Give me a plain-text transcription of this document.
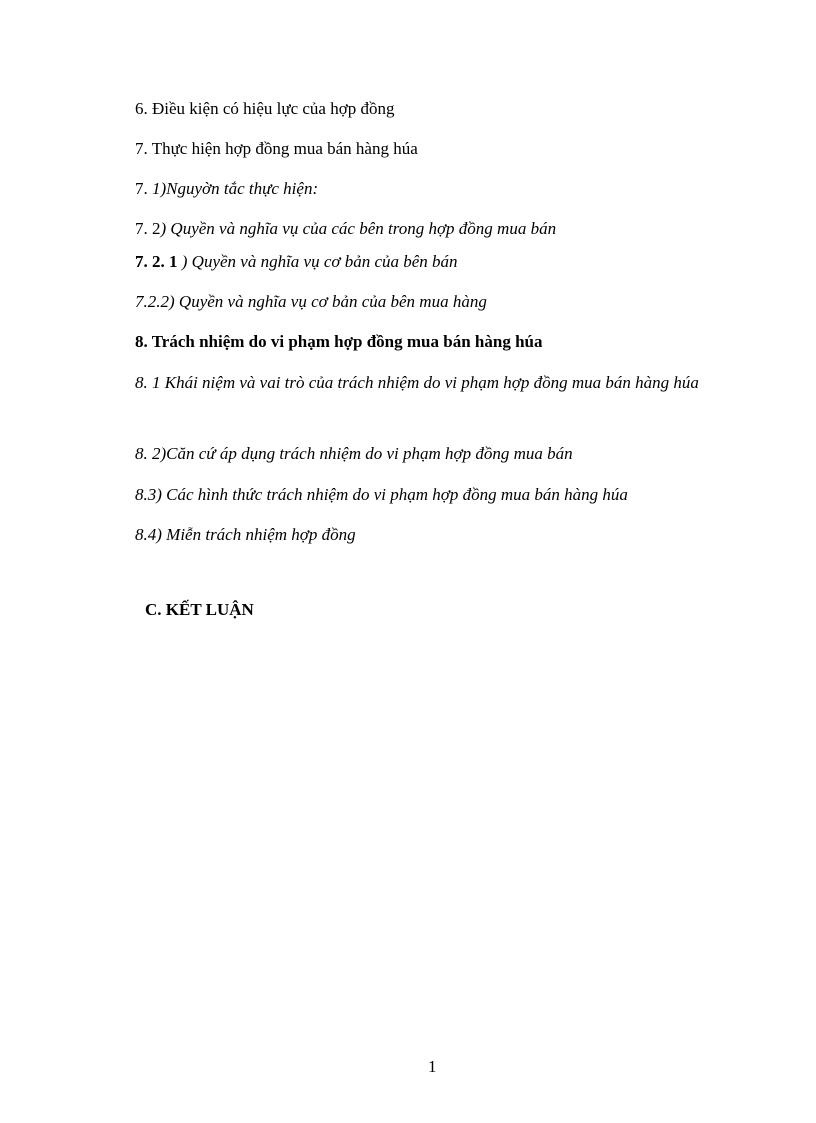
6. Điều kiện có hiệu lực của hợp đồng
7. Thực hiện hợp đồng mua bán hàng húa
7. 1)Nguyờn tắc thực hiện:
7. 2) Quyền và nghĩa vụ của các bên trong hợp đồng mua bán
7. 2. 1 ) Quyền và nghĩa vụ cơ bản của bên bán
7.2.2) Quyền và nghĩa vụ cơ bản của bên mua hàng
8. Trách nhiệm do vi phạm hợp đồng mua bán hàng húa
8. 1 Khái niệm và vai trò của trách nhiệm do vi phạm hợp đồng mua bán hàng húa
8. 2)Căn cứ áp dụng trách nhiệm do vi phạm hợp đồng mua bán
8.3) Các hình thức trách nhiệm do vi phạm hợp đồng mua bán hàng húa
8.4) Miễn trách nhiệm hợp đồng
C. KẾT LUẬN
1
